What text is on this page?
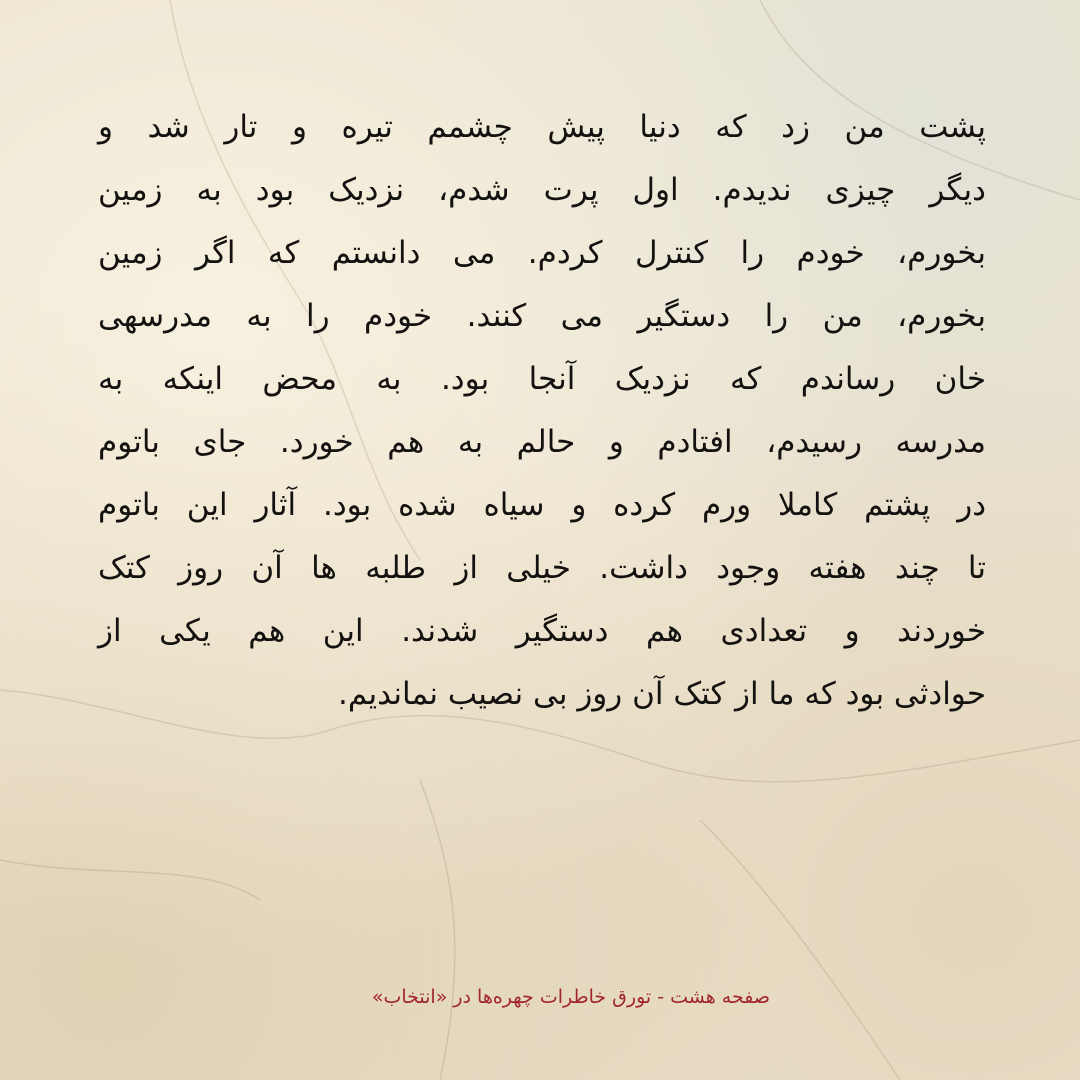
پشت من زد که دنیا پیش چشمم تیره و تار شد و
دیگر چیزی ندیدم. اول پرت شدم، نزدیک بود به زمین
بخورم، خودم را کنترل کردم. می دانستم که اگر زمین
بخورم، من را دستگیر می کنند. خودم را به مدرسهی
خان رساندم که نزدیک آنجا بود. به محض اینکه به
مدرسه رسیدم، افتادم و حالم به هم خورد. جای باتوم
در پشتم کاملا ورم کرده و سیاه شده بود. آثار این باتوم
تا چند هفته وجود داشت. خیلی از طلبه ها آن روز کتک
خوردند و تعدادی هم دستگیر شدند. این هم یکی از
حوادثی بود که ما از کتک آن روز بی نصیب نماندیم.
صفحه هشت - تورق خاطرات چهره‌ها در «انتخاب»
